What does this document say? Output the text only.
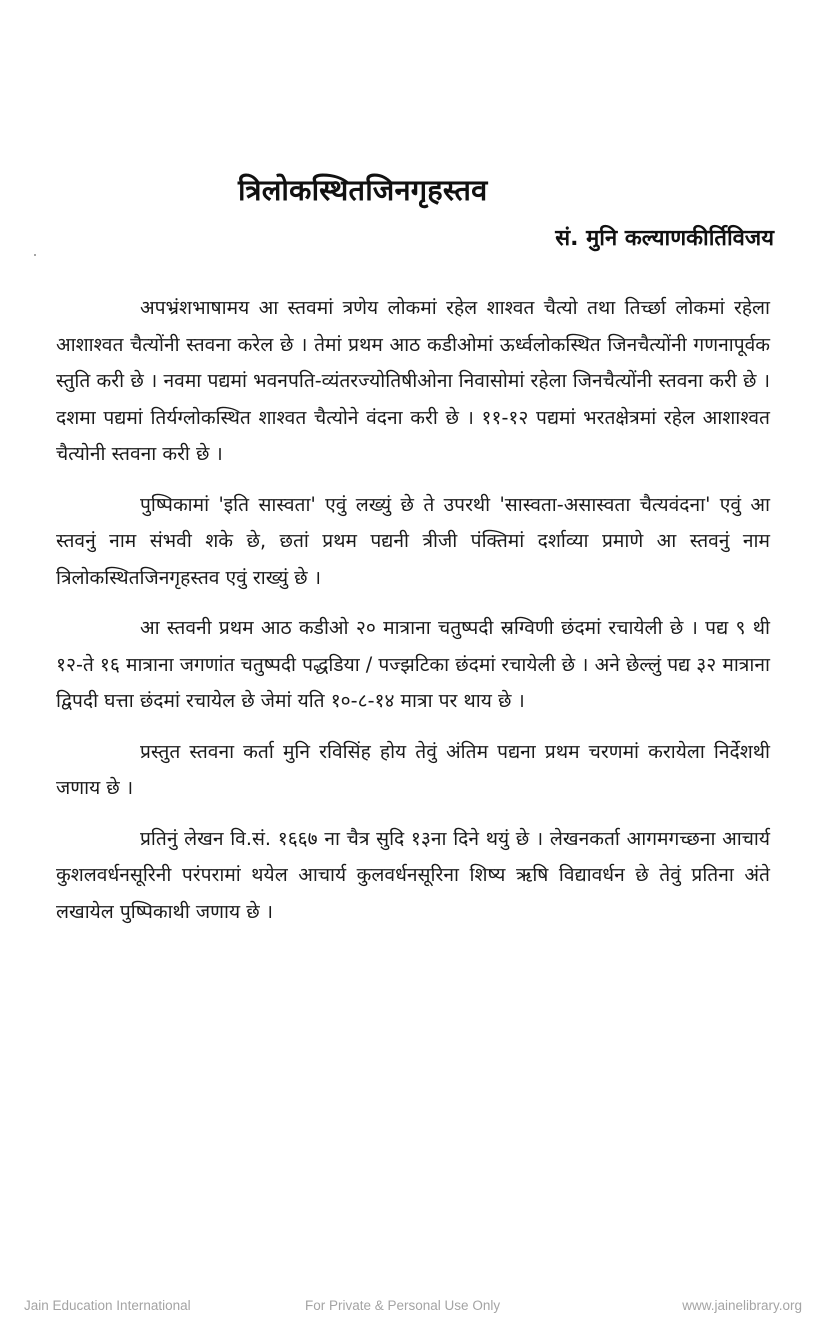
त्रिलोकस्थितजिनगृहस्तव
सं. मुनि कल्याणकीर्तिविजय

अपभ्रंशभाषामय आ स्तवमां त्रणेय लोकमां रहेल शाश्वत चैत्यो तथा तिर्च्छा लोकमां रहेला आशाश्वत चैत्योंनी स्तवना करेल छे । तेमां प्रथम आठ कडीओमां ऊर्ध्वलोकस्थित जिनचैत्योंनी गणनापूर्वक स्तुति करी छे । नवमा पद्यमां भवनपति-व्यंतरज्योतिषीओना निवासोमां रहेला जिनचैत्योंनी स्तवना करी छे । दशमा पद्यमां तिर्यग्लोकस्थित शाश्वत चैत्योने वंदना करी छे । ११-१२ पद्यमां भरतक्षेत्रमां रहेल आशाश्वत चैत्योनी स्तवना करी छे ।

पुष्पिकामां 'इति सास्वता' एवुं लख्युं छे ते उपरथी 'सास्वता-असास्वता चैत्यवंदना' एवुं आ स्तवनुं नाम संभवी शके छे, छतां प्रथम पद्यनी त्रीजी पंक्तिमां दर्शाव्या प्रमाणे आ स्तवनुं नाम त्रिलोकस्थितजिनगृहस्तव एवुं राख्युं छे ।

आ स्तवनी प्रथम आठ कडीओ २० मात्राना चतुष्पदी स्रग्विणी छंदमां रचायेली छे । पद्य ९ थी १२-ते १६ मात्राना जगणांत चतुष्पदी पद्धडिया / पज्झटिका छंदमां रचायेली छे । अने छेल्लुं पद्य ३२ मात्राना द्विपदी घत्ता छंदमां रचायेल छे जेमां यति १०-८-१४ मात्रा पर थाय छे ।

प्रस्तुत स्तवना कर्ता मुनि रविसिंह होय तेवुं अंतिम पद्यना प्रथम चरणमां करायेला निर्देशथी जणाय छे ।

प्रतिनुं लेखन वि.सं. १६६७ ना चैत्र सुदि १३ना दिने थयुं छे । लेखनकर्ता आगमगच्छना आचार्य कुशलवर्धनसूरिनी परंपरामां थयेल आचार्य कुलवर्धनसूरिना शिष्य ऋषि विद्यावर्धन छे तेवुं प्रतिना अंते लखायेल पुष्पिकाथी जणाय छे ।

Jain Education International	For Private & Personal Use Only	www.jainelibrary.org
